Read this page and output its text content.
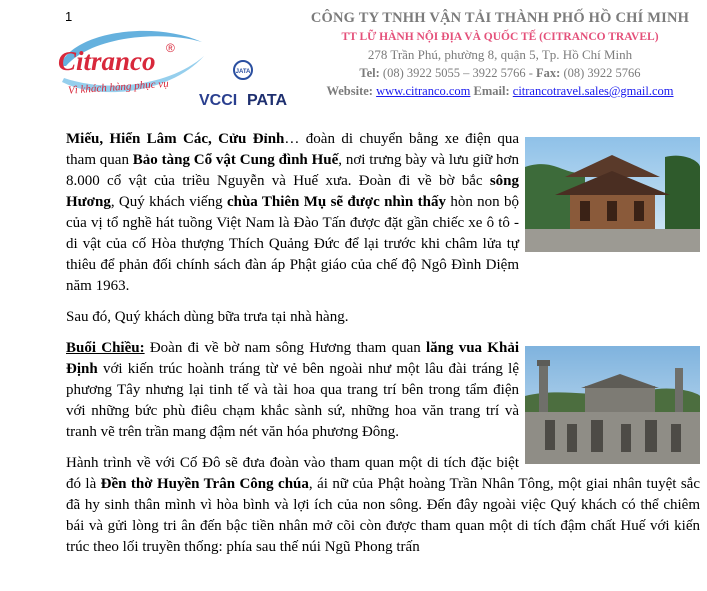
1
Citranco ®
Vì khách hàng phục vụ
JATA
VCCI PATA
CÔNG TY TNHH VẬN TẢI THÀNH PHỐ HỒ CHÍ MINH
TT LỮ HÀNH NỘI ĐỊA VÀ QUỐC TẾ (CITRANCO TRAVEL)
278 Trần Phú, phường 8, quận 5, Tp. Hồ Chí Minh
Tel: (08) 3922 5055 – 3922 5766 - Fax: (08) 3922 5766
Website: www.citranco.com Email: citrancotravel.sales@gmail.com

Miếu, Hiển Lâm Các, Cửu Đỉnh… đoàn di chuyển bằng xe điện qua tham quan Bảo tàng Cổ vật Cung đình Huế, nơi trưng bày và lưu giữ hơn 8.000 cổ vật của triều Nguyễn và Huế xưa. Đoàn đi về bờ bắc sông Hương, Quý khách viếng chùa Thiên Mụ sẽ được nhìn thấy hòn non bộ của vị tổ nghề hát tuồng Việt Nam là Đào Tấn được đặt gần chiếc xe ô tô - di vật của cố Hòa thượng Thích Quảng Đức để lại trước khi châm lửa tự thiêu để phản đối chính sách đàn áp Phật giáo của chế độ Ngô Đình Diệm năm 1963.

Sau đó, Quý khách dùng bữa trưa tại nhà hàng.

Buổi Chiều: Đoàn đi về bờ nam sông Hương tham quan lăng vua Khải Định với kiến trúc hoành tráng từ vẻ bên ngoài như một lâu đài tráng lệ phương Tây nhưng lại tinh tế và tài hoa qua trang trí bên trong tẩm điện với những bức phù điêu chạm khắc sành sứ, những hoa văn trang trí và tranh vẽ trên trần mang đậm nét văn hóa phương Đông.

Hành trình về với Cố Đô sẽ đưa đoàn vào tham quan một di tích đặc biệt đó là Đền thờ Huyền Trân Công chúa, ái nữ của Phật hoàng Trần Nhân Tông, một giai nhân tuyệt sắc đã hy sinh thân mình vì hòa bình và lợi ích của non sông. Đến đây ngoài việc Quý khách có thể chiêm bái và gửi lòng tri ân đến bậc tiền nhân mở cõi còn được tham quan một di tích đậm chất Huế với kiến trúc theo lối truyền thống: phía sau thế núi Ngũ Phong trấn
